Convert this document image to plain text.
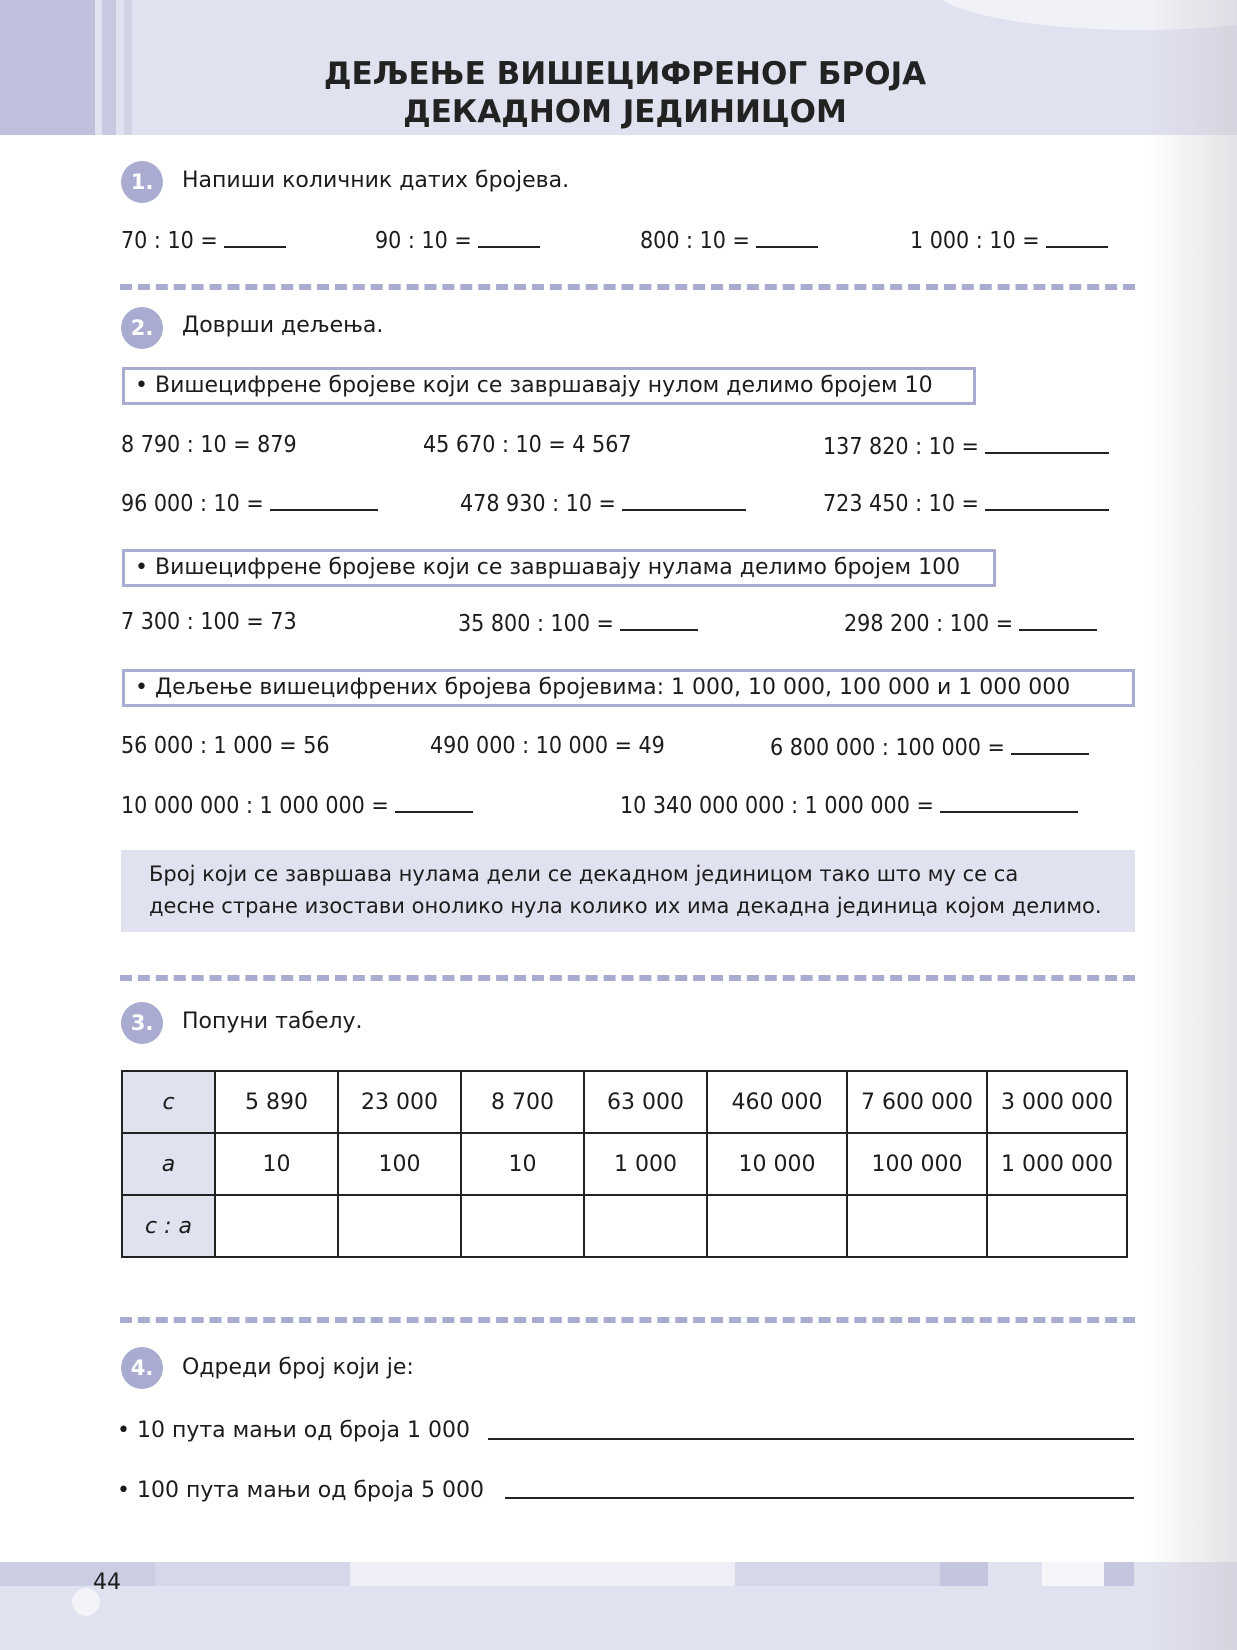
ДЕЉЕЊЕ ВИШЕЦИФРЕНОГ БРОЈА
ДЕКАДНОМ ЈЕДИНИЦОМ
1.	Напиши количник датих бројева.
70 : 10 =	90 : 10 =	800 : 10 =	1 000 : 10 =
2.	Доврши дељења.
• Вишецифрене бројеве који се завршавају нулом делимо бројем 10
8 790 : 10 = 879	45 670 : 10 = 4 567	137 820 : 10 =
96 000 : 10 =	478 930 : 10 =	723 450 : 10 =
• Вишецифрене бројеве који се завршавају нулама делимо бројем 100
7 300 : 100 = 73	35 800 : 100 =	298 200 : 100 =
• Дељење вишецифрених бројева бројевима: 1 000, 10 000, 100 000 и 1 000 000
56 000 : 1 000 = 56	490 000 : 10 000 = 49	6 800 000 : 100 000 =
10 000 000 : 1 000 000 =	10 340 000 000 : 1 000 000 =
Број који се завршава нулама дели се декадном јединицом тако што му се са
десне стране изостави онолико нула колико их има декадна јединица којом делимо.
3.	Попуни табелу.
c	5 890	23 000	8 700	63 000	460 000	7 600 000	3 000 000
a	10	100	10	1 000	10 000	100 000	1 000 000
c : a							
4.	Одреди број који је:
• 10 пута мањи од броја 1 000
• 100 пута мањи од броја 5 000
44
